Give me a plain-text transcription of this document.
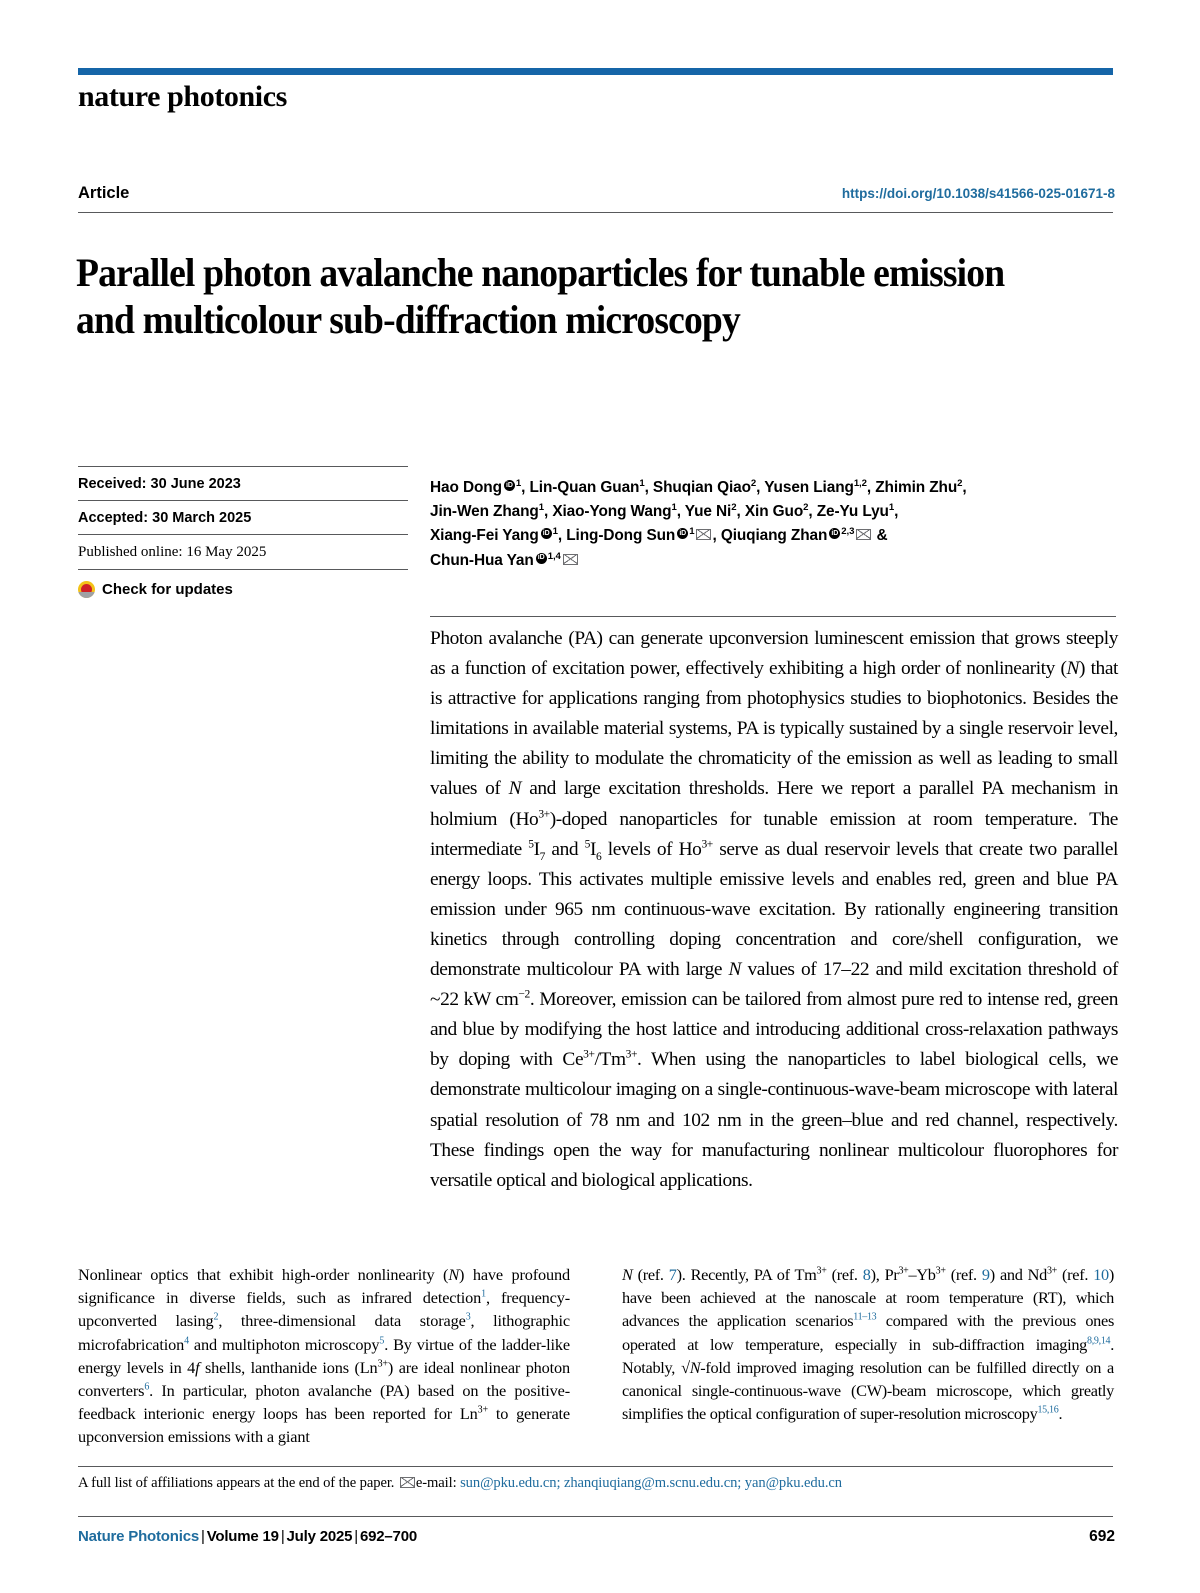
nature photonics
Article	https://doi.org/10.1038/s41566-025-01671-8
Parallel photon avalanche nanoparticles for tunable emission and multicolour sub-diffraction microscopy
Received: 30 June 2023
Accepted: 30 March 2025
Published online: 16 May 2025
Check for updates
Hao Dong iD $^1$, Lin-Quan Guan$^1$, Shuqian Qiao$^2$, Yusen Liang$^{1,2}$, Zhimin Zhu$^2$,
Jin-Wen Zhang$^1$, Xiao-Yong Wang$^1$, Yue Ni$^2$, Xin Guo$^2$, Ze-Yu Lyu$^1$,
Xiang-Fei Yang iD $^1$, Ling-Dong Sun iD $^1$ , Qiuqiang Zhan iD $^{2,3}$ &
Chun-Hua Yan iD $^{1,4}$
Photon avalanche (PA) can generate upconversion luminescent emission that grows steeply as a function of excitation power, effectively exhibiting a high order of nonlinearity (N) that is attractive for applications ranging from photophysics studies to biophotonics. Besides the limitations in available material systems, PA is typically sustained by a single reservoir level, limiting the ability to modulate the chromaticity of the emission as well as leading to small values of N and large excitation thresholds. Here we report a parallel PA mechanism in holmium $(Ho^{3+})$-doped nanoparticles for tunable emission at room temperature. The intermediate $^5I_7$ and $^5I_6$ levels of $Ho^{3+}$ serve as dual reservoir levels that create two parallel energy loops. This activates multiple emissive levels and enables red, green and blue PA emission under 965 nm continuous-wave excitation. By rationally engineering transition kinetics through controlling doping concentration and core/shell configuration, we demonstrate multicolour PA with large N values of 17–22 and mild excitation threshold of ~22 kW $cm^{-2}$. Moreover, emission can be tailored from almost pure red to intense red, green and blue by modifying the host lattice and introducing additional cross-relaxation pathways by doping with $Ce^{3+}/Tm^{3+}$. When using the nanoparticles to label biological cells, we demonstrate multicolour imaging on a single-continuous-wave-beam microscope with lateral spatial resolution of 78 nm and 102 nm in the green–blue and red channel, respectively. These findings open the way for manufacturing nonlinear multicolour fluorophores for versatile optical and biological applications.
Nonlinear optics that exhibit high-order nonlinearity (N) have profound significance in diverse fields, such as infrared detection$^1$, frequency-upconverted lasing$^2$, three-dimensional data storage$^3$, lithographic microfabrication$^4$ and multiphoton microscopy$^5$. By virtue of the ladder-like energy levels in 4f shells, lanthanide ions $(Ln^{3+})$ are ideal nonlinear photon converters$^6$. In particular, photon avalanche (PA) based on the positive-feedback interionic energy loops has been reported for $Ln^{3+}$ to generate upconversion emissions with a giant
N (ref. 7). Recently, PA of $Tm^{3+}$ (ref. 8), $Pr^{3+}-Yb^{3+}$ (ref. 9) and $Nd^{3+}$ (ref. 10) have been achieved at the nanoscale at room temperature (RT), which advances the application scenarios$^{11-13}$ compared with the previous ones operated at low temperature, especially in sub-diffraction imaging$^{8,9,14}$. Notably, √N-fold improved imaging resolution can be fulfilled directly on a canonical single-continuous-wave (CW)-beam microscope, which greatly simplifies the optical configuration of super-resolution microscopy$^{15,16}$.
A full list of affiliations appears at the end of the paper. e-mail: sun@pku.edu.cn; zhanqiuqiang@m.scnu.edu.cn; yan@pku.edu.cn
Nature Photonics | Volume 19 | July 2025 | 692–700	692
